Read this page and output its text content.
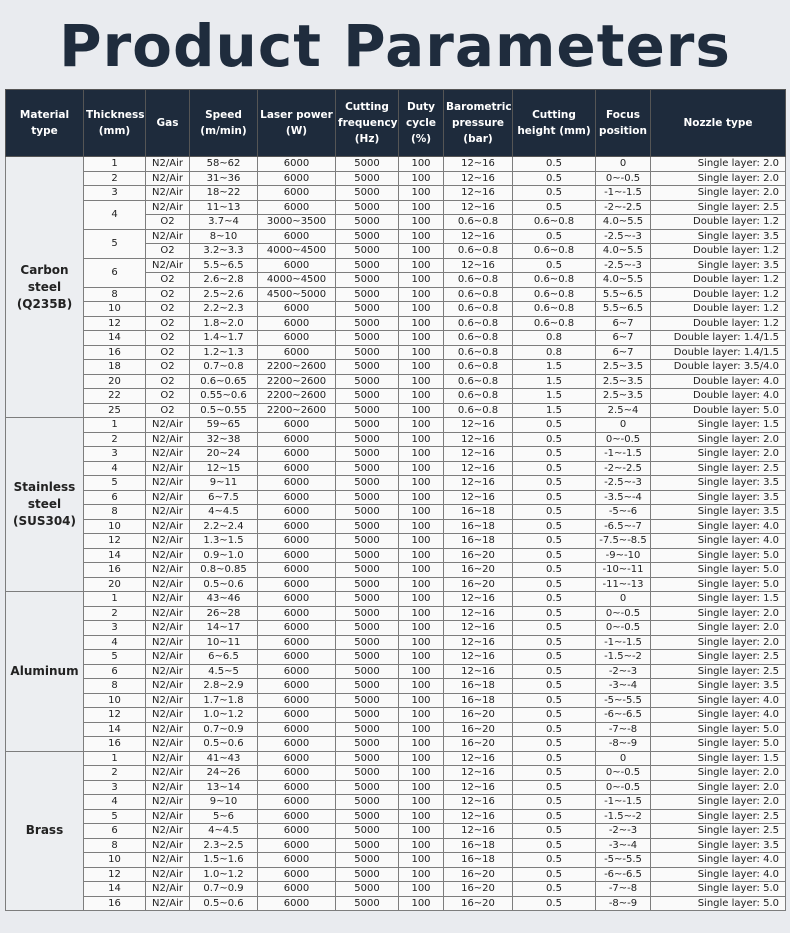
Product Parameters
Material type	Thickness (mm)	Gas	Speed (m/min)	Laser power (W)	Cutting frequency (Hz)	Duty cycle (%)	Barometric pressure (bar)	Cutting height (mm)	Focus position	Nozzle type
Carbon steel (Q235B)	1	N2/Air	58~62	6000	5000	100	12~16	0.5	0	Single layer: 2.0
	2	N2/Air	31~36	6000	5000	100	12~16	0.5	0~-0.5	Single layer: 2.0
	3	N2/Air	18~22	6000	5000	100	12~16	0.5	-1~-1.5	Single layer: 2.0
	4	N2/Air	11~13	6000	5000	100	12~16	0.5	-2~-2.5	Single layer: 2.5
		O2	3.7~4	3000~3500	5000	100	0.6~0.8	0.6~0.8	4.0~5.5	Double layer: 1.2
	5	N2/Air	8~10	6000	5000	100	12~16	0.5	-2.5~-3	Single layer: 3.5
		O2	3.2~3.3	4000~4500	5000	100	0.6~0.8	0.6~0.8	4.0~5.5	Double layer: 1.2
	6	N2/Air	5.5~6.5	6000	5000	100	12~16	0.5	-2.5~-3	Single layer: 3.5
		O2	2.6~2.8	4000~4500	5000	100	0.6~0.8	0.6~0.8	4.0~5.5	Double layer: 1.2
	8	O2	2.5~2.6	4500~5000	5000	100	0.6~0.8	0.6~0.8	5.5~6.5	Double layer: 1.2
	10	O2	2.2~2.3	6000	5000	100	0.6~0.8	0.6~0.8	5.5~6.5	Double layer: 1.2
	12	O2	1.8~2.0	6000	5000	100	0.6~0.8	0.6~0.8	6~7	Double layer: 1.2
	14	O2	1.4~1.7	6000	5000	100	0.6~0.8	0.8	6~7	Double layer: 1.4/1.5
	16	O2	1.2~1.3	6000	5000	100	0.6~0.8	0.8	6~7	Double layer: 1.4/1.5
	18	O2	0.7~0.8	2200~2600	5000	100	0.6~0.8	1.5	2.5~3.5	Double layer: 3.5/4.0
	20	O2	0.6~0.65	2200~2600	5000	100	0.6~0.8	1.5	2.5~3.5	Double layer: 4.0
	22	O2	0.55~0.6	2200~2600	5000	100	0.6~0.8	1.5	2.5~3.5	Double layer: 4.0
	25	O2	0.5~0.55	2200~2600	5000	100	0.6~0.8	1.5	2.5~4	Double layer: 5.0
Stainless steel (SUS304)	1	N2/Air	59~65	6000	5000	100	12~16	0.5	0	Single layer: 1.5
	2	N2/Air	32~38	6000	5000	100	12~16	0.5	0~-0.5	Single layer: 2.0
	3	N2/Air	20~24	6000	5000	100	12~16	0.5	-1~-1.5	Single layer: 2.0
	4	N2/Air	12~15	6000	5000	100	12~16	0.5	-2~-2.5	Single layer: 2.5
	5	N2/Air	9~11	6000	5000	100	12~16	0.5	-2.5~-3	Single layer: 3.5
	6	N2/Air	6~7.5	6000	5000	100	12~16	0.5	-3.5~-4	Single layer: 3.5
	8	N2/Air	4~4.5	6000	5000	100	16~18	0.5	-5~-6	Single layer: 3.5
	10	N2/Air	2.2~2.4	6000	5000	100	16~18	0.5	-6.5~-7	Single layer: 4.0
	12	N2/Air	1.3~1.5	6000	5000	100	16~18	0.5	-7.5~-8.5	Single layer: 4.0
	14	N2/Air	0.9~1.0	6000	5000	100	16~20	0.5	-9~-10	Single layer: 5.0
	16	N2/Air	0.8~0.85	6000	5000	100	16~20	0.5	-10~-11	Single layer: 5.0
	20	N2/Air	0.5~0.6	6000	5000	100	16~20	0.5	-11~-13	Single layer: 5.0
Aluminum	1	N2/Air	43~46	6000	5000	100	12~16	0.5	0	Single layer: 1.5
	2	N2/Air	26~28	6000	5000	100	12~16	0.5	0~-0.5	Single layer: 2.0
	3	N2/Air	14~17	6000	5000	100	12~16	0.5	0~-0.5	Single layer: 2.0
	4	N2/Air	10~11	6000	5000	100	12~16	0.5	-1~-1.5	Single layer: 2.0
	5	N2/Air	6~6.5	6000	5000	100	12~16	0.5	-1.5~-2	Single layer: 2.5
	6	N2/Air	4.5~5	6000	5000	100	12~16	0.5	-2~-3	Single layer: 2.5
	8	N2/Air	2.8~2.9	6000	5000	100	16~18	0.5	-3~-4	Single layer: 3.5
	10	N2/Air	1.7~1.8	6000	5000	100	16~18	0.5	-5~-5.5	Single layer: 4.0
	12	N2/Air	1.0~1.2	6000	5000	100	16~20	0.5	-6~-6.5	Single layer: 4.0
	14	N2/Air	0.7~0.9	6000	5000	100	16~20	0.5	-7~-8	Single layer: 5.0
	16	N2/Air	0.5~0.6	6000	5000	100	16~20	0.5	-8~-9	Single layer: 5.0
Brass	1	N2/Air	41~43	6000	5000	100	12~16	0.5	0	Single layer: 1.5
	2	N2/Air	24~26	6000	5000	100	12~16	0.5	0~-0.5	Single layer: 2.0
	3	N2/Air	13~14	6000	5000	100	12~16	0.5	0~-0.5	Single layer: 2.0
	4	N2/Air	9~10	6000	5000	100	12~16	0.5	-1~-1.5	Single layer: 2.0
	5	N2/Air	5~6	6000	5000	100	12~16	0.5	-1.5~-2	Single layer: 2.5
	6	N2/Air	4~4.5	6000	5000	100	12~16	0.5	-2~-3	Single layer: 2.5
	8	N2/Air	2.3~2.5	6000	5000	100	16~18	0.5	-3~-4	Single layer: 3.5
	10	N2/Air	1.5~1.6	6000	5000	100	16~18	0.5	-5~-5.5	Single layer: 4.0
	12	N2/Air	1.0~1.2	6000	5000	100	16~20	0.5	-6~-6.5	Single layer: 4.0
	14	N2/Air	0.7~0.9	6000	5000	100	16~20	0.5	-7~-8	Single layer: 5.0
	16	N2/Air	0.5~0.6	6000	5000	100	16~20	0.5	-8~-9	Single layer: 5.0
